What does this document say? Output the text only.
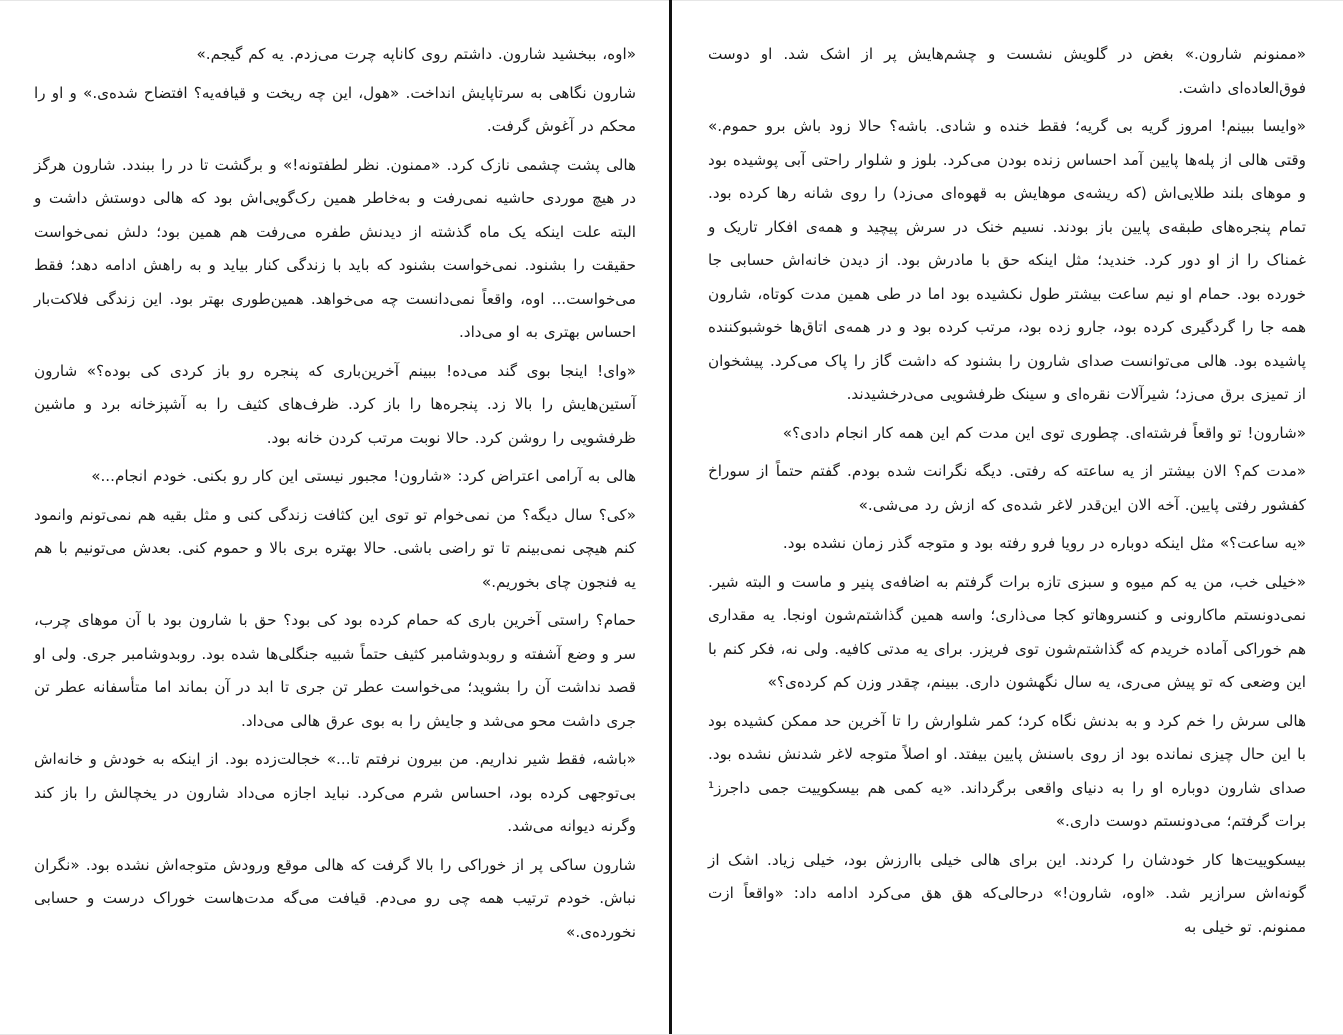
«اوه، ببخشید شارون. داشتم روی کاناپه چرت می‌زدم. یه کم گیجم.»

شارون نگاهی به سرتاپایش انداخت. «هول، این چه ریخت و قیافه‌یه؟ افتضاح شده‌ی.» و او را محکم در آغوش گرفت.

هالی پشت چشمی نازک کرد. «ممنون. نظر لطفتونه!» و برگشت تا در را ببندد. شارون هرگز در هیچ موردی حاشیه نمی‌رفت و به‌خاطر همین رک‌گویی‌اش بود که هالی دوستش داشت و البته علت اینکه یک ماه گذشته از دیدنش طفره می‌رفت هم همین بود؛ دلش نمی‌خواست حقیقت را بشنود. نمی‌خواست بشنود که باید با زندگی کنار بیاید و به راهش ادامه دهد؛ فقط می‌خواست... اوه، واقعاً نمی‌دانست چه می‌خواهد. همین‌طوری بهتر بود. این زندگی فلاکت‌بار احساس بهتری به او می‌داد.

«وای! اینجا بوی گند می‌ده! ببینم آخرین‌باری که پنجره رو باز کردی کی بوده؟» شارون آستین‌هایش را بالا زد. پنجره‌ها را باز کرد. ظرف‌های کثیف را به آشپزخانه برد و ماشین ظرفشویی را روشن کرد. حالا نوبت مرتب کردن خانه بود.

هالی به آرامی اعتراض کرد: «شارون! مجبور نیستی این کار رو بکنی. خودم انجام...»

«کی؟ سال دیگه؟ من نمی‌خوام تو توی این کثافت زندگی کنی و مثل بقیه هم نمی‌تونم وانمود کنم هیچی نمی‌بینم تا تو راضی باشی. حالا بهتره بری بالا و حموم کنی. بعدش می‌تونیم با هم یه فنجون چای بخوریم.»

حمام؟ راستی آخرین باری که حمام کرده بود کی بود؟ حق با شارون بود با آن موهای چرب، سر و وضع آشفته و روبدوشامبر کثیف حتماً شبیه جنگلی‌ها شده بود. روبدوشامبر جری. ولی او قصد نداشت آن را بشوید؛ می‌خواست عطر تن جری تا ابد در آن بماند اما متأسفانه عطر تن جری داشت محو می‌شد و جایش را به بوی عرق هالی می‌داد.

«باشه، فقط شیر نداریم. من بیرون نرفتم تا...» خجالت‌زده بود. از اینکه به خودش و خانه‌اش بی‌توجهی کرده بود، احساس شرم می‌کرد. نباید اجازه می‌داد شارون در یخچالش را باز کند وگرنه دیوانه می‌شد.

شارون ساکی پر از خوراکی را بالا گرفت که هالی موقع ورودش متوجه‌اش نشده بود. «نگران نباش. خودم ترتیب همه چی رو می‌دم. قیافت می‌گه مدت‌هاست خوراک درست و حسابی نخورده‌ی.»

«ممنونم شارون.» بغض در گلویش نشست و چشم‌هایش پر از اشک شد. او دوست فوق‌العاده‌ای داشت.

«وایسا ببینم! امروز گریه بی گریه؛ فقط خنده و شادی. باشه؟ حالا زود باش برو حموم.» وقتی هالی از پله‌ها پایین آمد احساس زنده بودن می‌کرد. بلوز و شلوار راحتی آبی پوشیده بود و موهای بلند طلایی‌اش (که ریشه‌ی موهایش به قهوه‌ای می‌زد) را روی شانه رها کرده بود. تمام پنجره‌های طبقه‌ی پایین باز بودند. نسیم خنک در سرش پیچید و همه‌ی افکار تاریک و غمناک را از او دور کرد. خندید؛ مثل اینکه حق با مادرش بود. از دیدن خانه‌اش حسابی جا خورده بود. حمام او نیم ساعت بیشتر طول نکشیده بود اما در طی همین مدت کوتاه، شارون همه جا را گردگیری کرده بود، جارو زده بود، مرتب کرده بود و در همه‌ی اتاق‌ها خوشبوکننده پاشیده بود. هالی می‌توانست صدای شارون را بشنود که داشت گاز را پاک می‌کرد. پیشخوان از تمیزی برق می‌زد؛ شیرآلات نقره‌ای و سینک ظرفشویی می‌درخشیدند.

«شارون! تو واقعاً فرشته‌ای. چطوری توی این مدت کم این همه کار انجام دادی؟»

«مدت کم؟ الان بیشتر از یه ساعته که رفتی. دیگه نگرانت شده بودم. گفتم حتماً از سوراخ کفشور رفتی پایین. آخه الان این‌قدر لاغر شده‌ی که ازش رد می‌شی.»

«یه ساعت؟» مثل اینکه دوباره در رویا فرو رفته بود و متوجه گذر زمان نشده بود.

«خیلی خب، من یه کم میوه و سبزی تازه برات گرفتم به اضافه‌ی پنیر و ماست و البته شیر. نمی‌دونستم ماکارونی و کنسروهاتو کجا می‌ذاری؛ واسه همین گذاشتم‌شون اونجا. یه مقداری هم خوراکی آماده خریدم که گذاشتم‌شون توی فریزر. برای یه مدتی کافیه. ولی نه، فکر کنم با این وضعی که تو پیش می‌ری، یه سال نگهشون داری. ببینم، چقدر وزن کم کرده‌ی؟»

هالی سرش را خم کرد و به بدنش نگاه کرد؛ کمر شلوارش را تا آخرین حد ممکن کشیده بود با این حال چیزی نمانده بود از روی باسنش پایین بیفتد. او اصلاً متوجه لاغر شدنش نشده بود. صدای شارون دوباره او را به دنیای واقعی برگرداند. «یه کمی هم بیسکوییت جمی داجرز¹ برات گرفتم‌؛ می‌دونستم دوست داری.»

بیسکوییت‌ها کار خودشان را کردند. این برای هالی خیلی باارزش بود، خیلی زیاد. اشک از گونه‌اش سرازیر شد. «اوه، شارون!» درحالی‌که هق هق می‌کرد ادامه داد: «واقعاً ازت ممنونم. تو خیلی به
